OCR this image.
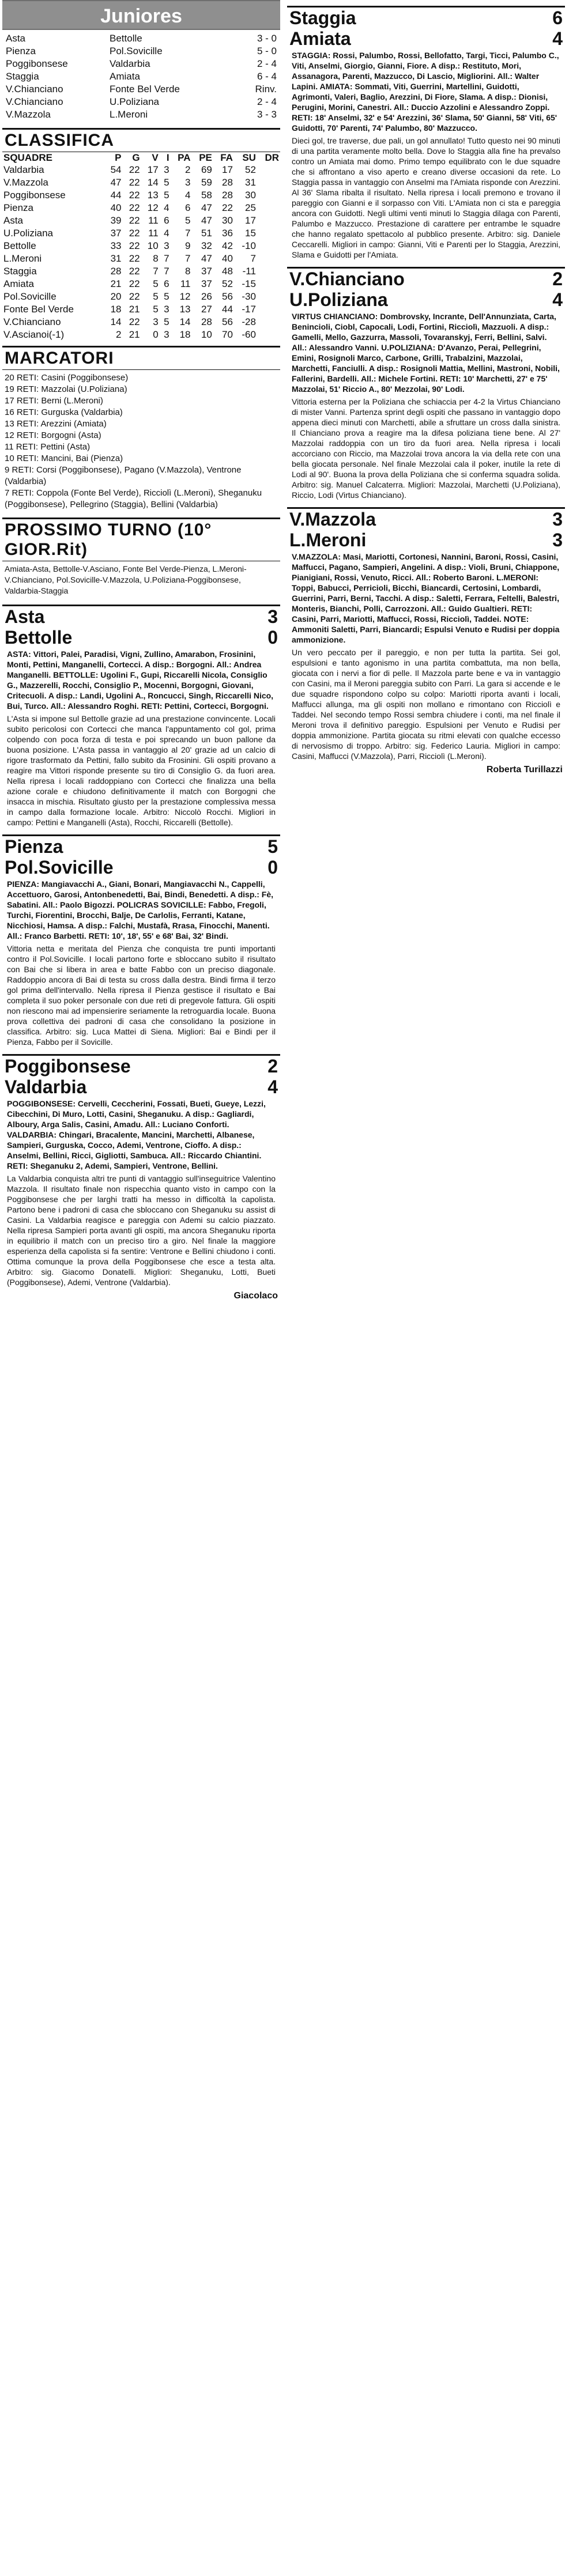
Juniores
Asta	Bettolle	3 - 0
Pienza	Pol.Sovicille	5 - 0
Poggibonsese	Valdarbia	2 - 4
Staggia	Amiata	6 - 4
V.Chianciano	Fonte Bel Verde	Rinv.
V.Chianciano	U.Poliziana	2 - 4
V.Mazzola	L.Meroni	3 - 3
CLASSIFICA
SQUADRE	P	G	V	I	PA	PE	FA	SU	DR
Valdarbia	54	22	17	3	2	69	17	52	
V.Mazzola	47	22	14	5	3	59	28	31	
Poggibonsese	44	22	13	5	4	58	28	30	
Pienza	40	22	12	4	6	47	22	25	
Asta	39	22	11	6	5	47	30	17	
U.Poliziana	37	22	11	4	7	51	36	15	
Bettolle	33	22	10	3	9	32	42	-10	
L.Meroni	31	22	8	7	7	47	40	7	
Staggia	28	22	7	7	8	37	48	-11	
Amiata	21	22	5	6	11	37	52	-15	
Pol.Sovicille	20	22	5	5	12	26	56	-30	
Fonte Bel Verde	18	21	5	3	13	27	44	-17	
V.Chianciano	14	22	3	5	14	28	56	-28	
V.Ascianoi(-1)	2	21	0	3	18	10	70	-60	
MARCATORI

20 RETI: Casini (Poggibonsese)

19 RETI: Mazzolai (U.Poliziana)

17 RETI: Berni (L.Meroni)

16 RETI: Gurguska (Valdarbia)

13 RETI: Arezzini (Amiata)

12 RETI: Borgogni (Asta)

11 RETI: Pettini (Asta)

10 RETI: Mancini, Bai (Pienza)

9 RETI: Corsi (Poggibonsese), Pagano (V.Mazzola), Ventrone (Valdarbia)

7 RETI: Coppola (Fonte Bel Verde), Ricciolì (L.Meroni), Sheganuku (Poggibonsese), Pellegrino (Staggia), Bellini (Valdarbia)

PROSSIMO TURNO (10° GIOR.Rit)
Amiata-Asta, Bettolle-V.Asciano, Fonte Bel Verde-Pienza, L.Meroni-V.Chianciano, Pol.Sovicille-V.Mazzola, U.Poliziana-Poggibonsese, Valdarbia-Staggia
Asta	3
Bettolle	0
ASTA: Vittori, Palei, Paradisi, Vigni, Zullino, Amarabon, Frosinini, Monti, Pettini, Manganelli, Cortecci. A disp.: Borgogni. All.: Andrea Manganelli. BETTOLLE: Ugolini F., Gupi, Riccarelli Nicola, Consiglio G., Mazzerelli, Rocchi, Consiglio P., Mocenni, Borgogni, Giovani, Critecuoli. A disp.: Landi, Ugolini A., Roncucci, Singh, Riccarelli Nico, Bui, Turco. All.: Alessandro Roghi. RETI: Pettini, Cortecci, Borgogni.
L'Asta si impone sul Bettolle grazie ad una prestazione convincente. Locali subito pericolosi con Cortecci che manca l'appuntamento col gol, prima colpendo con poca forza di testa e poi sprecando un buon pallone da buona posizione. L'Asta passa in vantaggio al 20' grazie ad un calcio di rigore trasformato da Pettini, fallo subito da Frosinini. Gli ospiti provano a reagire ma Vittori risponde presente su tiro di Consiglio G. da fuori area. Nella ripresa i locali raddoppiano con Cortecci che finalizza una bella azione corale e chiudono definitivamente il match con Borgogni che insacca in mischia. Risultato giusto per la prestazione complessiva messa in campo dalla formazione locale. Arbitro: Niccolò Rocchi. Migliori in campo: Pettini e Manganelli (Asta), Rocchi, Riccarelli (Bettolle).
Pienza	5
Pol.Sovicille	0
PIENZA: Mangiavacchi A., Giani, Bonari, Mangiavacchi N., Cappelli, Accettuoro, Garosi, Antonbenedetti, Bai, Bindi, Benedetti. A disp.: Fè, Sabatini. All.: Paolo Bigozzi. POLICRAS SOVICILLE: Fabbo, Fregoli, Turchi, Fiorentini, Brocchi, Balje, De Carlolis, Ferranti, Katane, Nicchiosi, Hamsa. A disp.: Falchi, Mustafà, Rrasa, Finocchi, Manenti. All.: Franco Barbetti. RETI: 10', 18', 55' e 68' Bai, 32' Bindi.
Vittoria netta e meritata del Pienza che conquista tre punti importanti contro il Pol.Sovicille. I locali partono forte e sbloccano subito il risultato con Bai che si libera in area e batte Fabbo con un preciso diagonale. Raddoppio ancora di Bai di testa su cross dalla destra. Bindi firma il terzo gol prima dell'intervallo. Nella ripresa il Pienza gestisce il risultato e Bai completa il suo poker personale con due reti di pregevole fattura. Gli ospiti non riescono mai ad impensierire seriamente la retroguardia locale. Buona prova collettiva dei padroni di casa che consolidano la posizione in classifica. Arbitro: sig. Luca Mattei di Siena. Migliori: Bai e Bindi per il Pienza, Fabbo per il Sovicille.
Poggibonsese	2
Valdarbia	4
POGGIBONSESE: Cervelli, Ceccherini, Fossati, Bueti, Gueye, Lezzi, Cibecchini, Di Muro, Lotti, Casini, Sheganuku. A disp.: Gagliardi, Alboury, Arga Salis, Casini, Amadu. All.: Luciano Conforti. VALDARBIA: Chingari, Bracalente, Mancini, Marchetti, Albanese, Sampieri, Gurguska, Cocco, Ademi, Ventrone, Cioffo. A disp.: Anselmi, Bellini, Ricci, Gigliotti, Sambuca. All.: Riccardo Chiantini. RETI: Sheganuku 2, Ademi, Sampieri, Ventrone, Bellini.
La Valdarbia conquista altri tre punti di vantaggio sull'inseguitrice Valentino Mazzola. Il risultato finale non rispecchia quanto visto in campo con la Poggibonsese che per larghi tratti ha messo in difficoltà la capolista. Partono bene i padroni di casa che sbloccano con Sheganuku su assist di Casini. La Valdarbia reagisce e pareggia con Ademi su calcio piazzato. Nella ripresa Sampieri porta avanti gli ospiti, ma ancora Sheganuku riporta in equilibrio il match con un preciso tiro a giro. Nel finale la maggiore esperienza della capolista si fa sentire: Ventrone e Bellini chiudono i conti. Ottima comunque la prova della Poggibonsese che esce a testa alta. Arbitro: sig. Giacomo Donatelli. Migliori: Sheganuku, Lotti, Bueti (Poggibonsese), Ademi, Ventrone (Valdarbia).
Giacolaco
Staggia	6
Amiata	4
STAGGIA: Rossi, Palumbo, Rossi, Bellofatto, Targi, Ticci, Palumbo C., Viti, Anselmi, Giorgio, Gianni, Fiore. A disp.: Restituto, Mori, Assanagora, Parenti, Mazzucco, Di Lascio, Migliorini. All.: Walter Lapini. AMIATA: Sommati, Viti, Guerrini, Martellini, Guidotti, Agrimonti, Valeri, Baglio, Arezzini, Di Fiore, Slama. A disp.: Dionisi, Perugini, Morini, Canestri. All.: Duccio Azzolini e Alessandro Zoppi. RETI: 18' Anselmi, 32' e 54' Arezzini, 36' Slama, 50' Gianni, 58' Viti, 65' Guidotti, 70' Parenti, 74' Palumbo, 80' Mazzucco.
Dieci gol, tre traverse, due pali, un gol annullato! Tutto questo nei 90 minuti di una partita veramente molto bella. Dove lo Staggia alla fine ha prevalso contro un Amiata mai domo. Primo tempo equilibrato con le due squadre che si affrontano a viso aperto e creano diverse occasioni da rete. Lo Staggia passa in vantaggio con Anselmi ma l'Amiata risponde con Arezzini. Al 36' Slama ribalta il risultato. Nella ripresa i locali premono e trovano il pareggio con Gianni e il sorpasso con Viti. L'Amiata non ci sta e pareggia ancora con Guidotti. Negli ultimi venti minuti lo Staggia dilaga con Parenti, Palumbo e Mazzucco. Prestazione di carattere per entrambe le squadre che hanno regalato spettacolo al pubblico presente. Arbitro: sig. Daniele Ceccarelli. Migliori in campo: Gianni, Viti e Parenti per lo Staggia, Arezzini, Slama e Guidotti per l'Amiata.
V.Chianciano	2
U.Poliziana	4
VIRTUS CHIANCIANO: Dombrovsky, Incrante, Dell'Annunziata, Carta, Benincioli, Ciobl, Capocali, Lodi, Fortini, Ricciolì, Mazzuoli. A disp.: Gamelli, Mello, Gazzurra, Massoli, Tovaranskyj, Ferri, Bellini, Salvi. All.: Alessandro Vanni. U.POLIZIANA: D'Avanzo, Perai, Pellegrini, Emini, Rosignoli Marco, Carbone, Grilli, Trabalzini, Mazzolai, Marchetti, Fanciulli. A disp.: Rosignoli Mattia, Mellini, Mastroni, Nobili, Fallerini, Bardelli. All.: Michele Fortini. RETI: 10' Marchetti, 27' e 75' Mazzolai, 51' Riccio A., 80' Mezzolai, 90' Lodi.
Vittoria esterna per la Poliziana che schiaccia per 4-2 la Virtus Chianciano di mister Vanni. Partenza sprint degli ospiti che passano in vantaggio dopo appena dieci minuti con Marchetti, abile a sfruttare un cross dalla sinistra. Il Chianciano prova a reagire ma la difesa poliziana tiene bene. Al 27' Mazzolai raddoppia con un tiro da fuori area. Nella ripresa i locali accorciano con Riccio, ma Mazzolai trova ancora la via della rete con una bella giocata personale. Nel finale Mezzolai cala il poker, inutile la rete di Lodi al 90'. Buona la prova della Poliziana che si conferma squadra solida. Arbitro: sig. Manuel Calcaterra. Migliori: Mazzolai, Marchetti (U.Poliziana), Riccio, Lodi (Virtus Chianciano).
V.Mazzola	3
L.Meroni	3
V.MAZZOLA: Masi, Mariotti, Cortonesi, Nannini, Baroni, Rossi, Casini, Maffucci, Pagano, Sampieri, Angelini. A disp.: Violi, Bruni, Chiappone, Pianigiani, Rossi, Venuto, Ricci. All.: Roberto Baroni. L.MERONI: Toppi, Babucci, Perricioli, Bicchi, Biancardi, Certosini, Lombardi, Guerrini, Parri, Berni, Tacchi. A disp.: Saletti, Ferrara, Feltelli, Balestri, Monteris, Bianchi, Polli, Carrozzoni. All.: Guido Gualtieri. RETI: Casini, Parri, Mariotti, Maffucci, Rossi, Ricciolì, Taddei. NOTE: Ammoniti Saletti, Parri, Biancardi; Espulsi Venuto e Rudisi per doppia ammonizione.
Un vero peccato per il pareggio, e non per tutta la partita. Sei gol, espulsioni e tanto agonismo in una partita combattuta, ma non bella, giocata con i nervi a fior di pelle. Il Mazzola parte bene e va in vantaggio con Casini, ma il Meroni pareggia subito con Parri. La gara si accende e le due squadre rispondono colpo su colpo: Mariotti riporta avanti i locali, Maffucci allunga, ma gli ospiti non mollano e rimontano con Ricciolì e Taddei. Nel secondo tempo Rossi sembra chiudere i conti, ma nel finale il Meroni trova il definitivo pareggio. Espulsioni per Venuto e Rudisi per doppia ammonizione. Partita giocata su ritmi elevati con qualche eccesso di nervosismo di troppo. Arbitro: sig. Federico Lauria. Migliori in campo: Casini, Maffucci (V.Mazzola), Parri, Ricciolì (L.Meroni).
Roberta Turillazzi
